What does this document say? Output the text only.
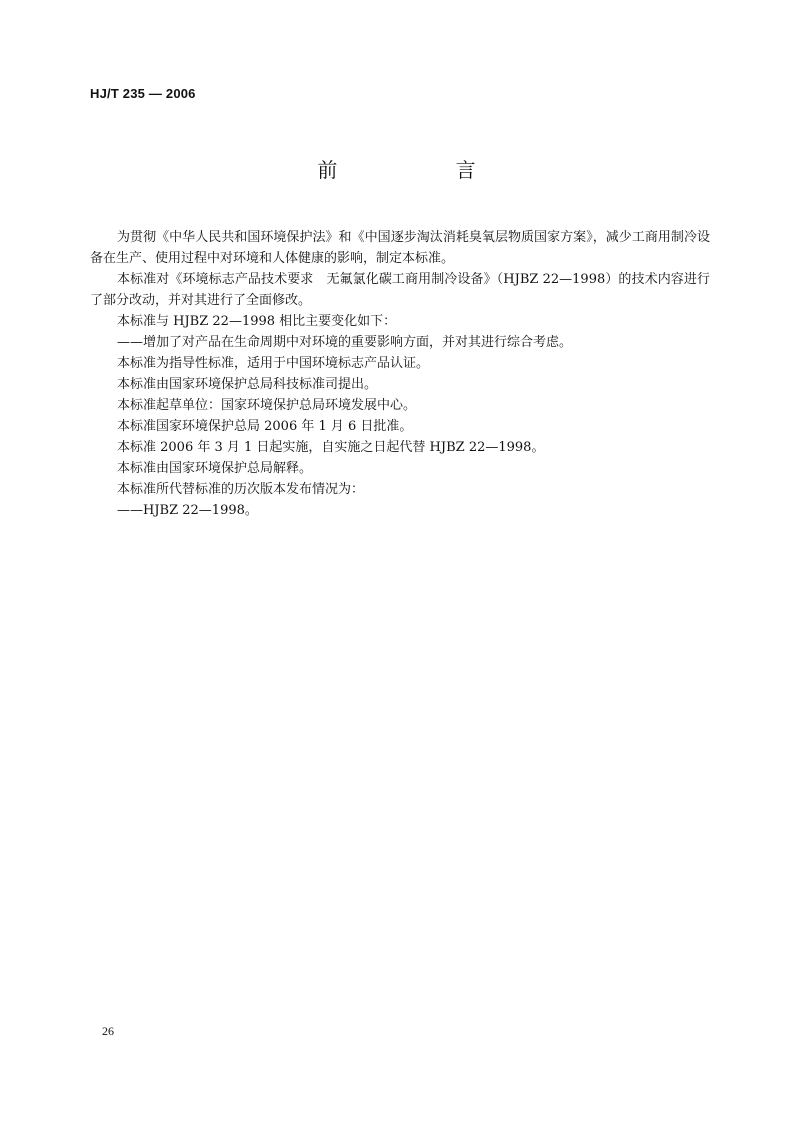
HJ/T 235 — 2006
前 言

为贯彻《中华人民共和国环境保护法》和《中国逐步淘汰消耗臭氧层物质国家方案》，减少工商用制冷设备在生产、使用过程中对环境和人体健康的影响，制定本标准。

本标准对《环境标志产品技术要求　无氟氯化碳工商用制冷设备》（HJBZ 22—1998）的技术内容进行了部分改动，并对其进行了全面修改。

本标准与 HJBZ 22—1998 相比主要变化如下：

——增加了对产品在生命周期中对环境的重要影响方面，并对其进行综合考虑。

本标准为指导性标准，适用于中国环境标志产品认证。

本标准由国家环境保护总局科技标准司提出。

本标准起草单位：国家环境保护总局环境发展中心。

本标准国家环境保护总局 2006 年 1 月 6 日批准。

本标准 2006 年 3 月 1 日起实施，自实施之日起代替 HJBZ 22—1998。

本标准由国家环境保护总局解释。

本标准所代替标准的历次版本发布情况为：

——HJBZ 22—1998。

26
